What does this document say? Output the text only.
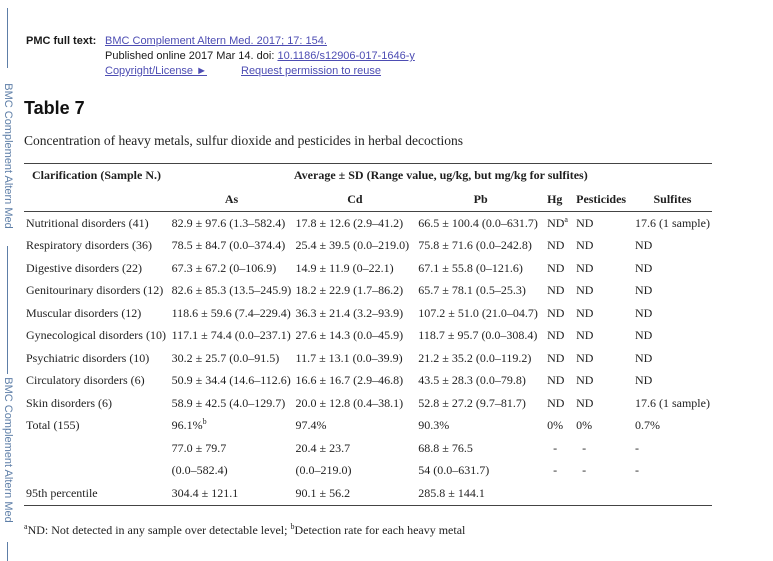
BMC Complement Altern Med
BMC Complement Altern Med
PMC full text: BMC Complement Altern Med. 2017; 17: 154.
Published online 2017 Mar 14. doi: 10.1186/s12906-017-1646-y
Copyright/License ►	Request permission to reuse
Table 7

Concentration of heavy metals, sulfur dioxide and pesticides in herbal decoctions

Clarification (Sample N.)	Average ± SD (Range value, ug/kg, but mg/kg for sulfites)					
	As	Cd	Pb	Hg	Pesticides	Sulfites
Nutritional disorders (41)	82.9 ± 97.6 (1.3–582.4)	17.8 ± 12.6 (2.9–41.2)	66.5 ± 100.4 (0.0–631.7)	$ND^a$	ND	17.6 (1 sample)
Respiratory disorders (36)	78.5 ± 84.7 (0.0–374.4)	25.4 ± 39.5 (0.0–219.0)	75.8 ± 71.6 (0.0–242.8)	ND	ND	ND
Digestive disorders (22)	67.3 ± 67.2 (0–106.9)	14.9 ± 11.9 (0–22.1)	67.1 ± 55.8 (0–121.6)	ND	ND	ND
Genitourinary disorders (12)	82.6 ± 85.3 (13.5–245.9)	18.2 ± 22.9 (1.7–86.2)	65.7 ± 78.1 (0.5–25.3)	ND	ND	ND
Muscular disorders (12)	118.6 ± 59.6 (7.4–229.4)	36.3 ± 21.4 (3.2–93.9)	107.2 ± 51.0 (21.0–04.7)	ND	ND	ND
Gynecological disorders (10)	117.1 ± 74.4 (0.0–237.1)	27.6 ± 14.3 (0.0–45.9)	118.7 ± 95.7 (0.0–308.4)	ND	ND	ND
Psychiatric disorders (10)	30.2 ± 25.7 (0.0–91.5)	11.7 ± 13.1 (0.0–39.9)	21.2 ± 35.2 (0.0–119.2)	ND	ND	ND
Circulatory disorders (6)	50.9 ± 34.4 (14.6–112.6)	16.6 ± 16.7 (2.9–46.8)	43.5 ± 28.3 (0.0–79.8)	ND	ND	ND
Skin disorders (6)	58.9 ± 42.5 (4.0–129.7)	20.0 ± 12.8 (0.4–38.1)	52.8 ± 27.2 (9.7–81.7)	ND	ND	17.6 (1 sample)
Total (155)	96.1%$^b$	97.4%	90.3%	0%	0%	0.7%
	77.0 ± 79.7	20.4 ± 23.7	68.8 ± 76.5	-	-	-
	(0.0–582.4)	(0.0–219.0)	54 (0.0–631.7)	-	-	-
95th percentile	304.4 ± 121.1	90.1 ± 56.2	285.8 ± 144.1			

$^a$ND: Not detected in any sample over detectable level; $^b$Detection rate for each heavy metal
